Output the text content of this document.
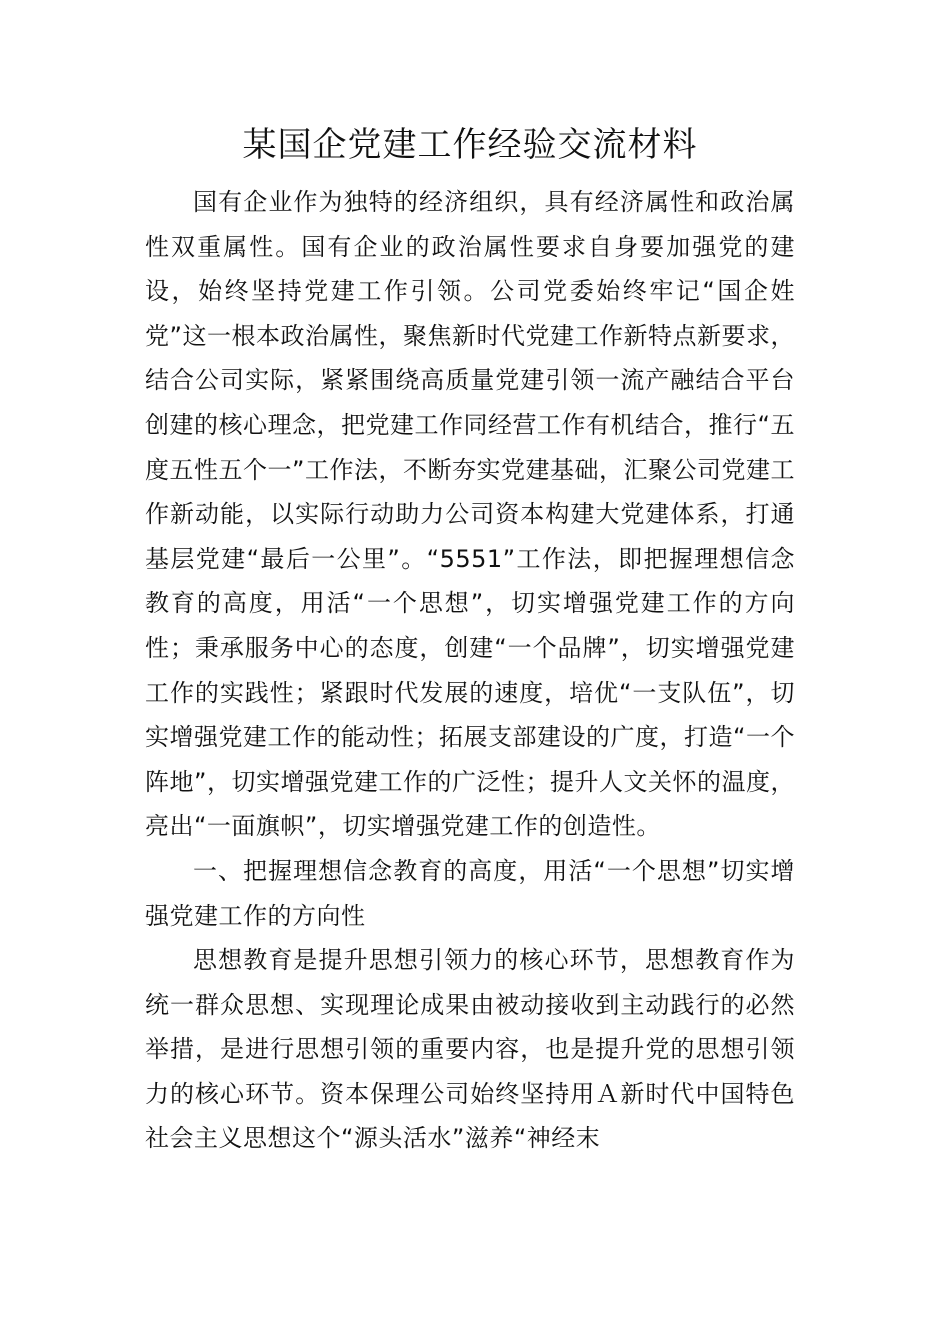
某国企党建工作经验交流材料

国有企业作为独特的经济组织，具有经济属性和政治属性双重属性。国有企业的政治属性要求自身要加强党的建设，始终坚持党建工作引领。公司党委始终牢记“国企姓党”这一根本政治属性，聚焦新时代党建工作新特点新要求，结合公司实际，紧紧围绕高质量党建引领一流产融结合平台创建的核心理念，把党建工作同经营工作有机结合，推行“五度五性五个一”工作法，不断夯实党建基础，汇聚公司党建工作新动能，以实际行动助力公司资本构建大党建体系，打通基层党建“最后一公里”。“5551”工作法，即把握理想信念教育的高度，用活“一个思想”，切实增强党建工作的方向性；秉承服务中心的态度，创建“一个品牌”，切实增强党建工作的实践性；紧跟时代发展的速度，培优“一支队伍”，切实增强党建工作的能动性；拓展支部建设的广度，打造“一个阵地”，切实增强党建工作的广泛性；提升人文关怀的温度，亮出“一面旗帜”，切实增强党建工作的创造性。

一、把握理想信念教育的高度，用活“一个思想”切实增强党建工作的方向性

思想教育是提升思想引领力的核心环节，思想教育作为统一群众思想、实现理论成果由被动接收到主动践行的必然举措，是进行思想引领的重要内容，也是提升党的思想引领力的核心环节。资本保理公司始终坚持用Ａ新时代中国特色社会主义思想这个“源头活水”滋养“神经末
